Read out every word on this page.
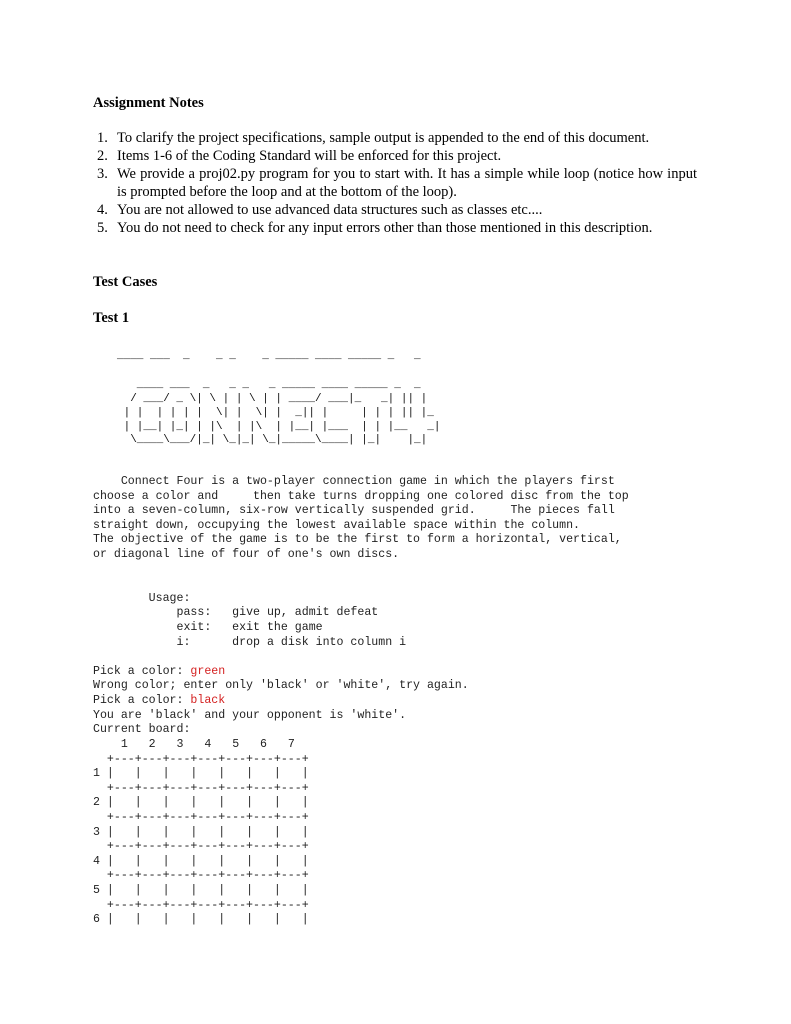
Assignment Notes
1. To clarify the project specifications, sample output is appended to the end of this document.
2. Items 1-6 of the Coding Standard will be enforced for this project.
3. We provide a proj02.py program for you to start with. It has a simple while loop (notice how input is prompted before the loop and at the bottom of the loop).
4. You are not allowed to use advanced data structures such as classes etc....
5. You do not need to check for any input errors other than those mentioned in this description.
Test Cases
Test 1
____ ___  _    _ _    _ _____ ____ _____ _   _
____ ___  _   _ _   _ _____ ____ _____ _  _
/ ___/ _ \| \ | | \ | | ____/ ___|_   _| || |
| |  | | | |  \| |  \| |  _|| |     | | | || |_
| |__| |_| | |\  | |\  | |__| |___  | | |__   _|
\____\___/|_| \_|_| \_|_____\____| |_|    |_|
Connect Four is a two-player connection game in which the players first
choose a color and     then take turns dropping one colored disc from the top
into a seven-column, six-row vertically suspended grid.     The pieces fall
straight down, occupying the lowest available space within the column.
The objective of the game is to be the first to form a horizontal, vertical,
or diagonal line of four of one's own discs.
Usage:
pass:   give up, admit defeat
exit:   exit the game
i:      drop a disk into column i
Pick a color: green
Wrong color; enter only 'black' or 'white', try again.
Pick a color: black
You are 'black' and your opponent is 'white'.
Current board:
1   2   3   4   5   6   7
+---+---+---+---+---+---+---+
1 |   |   |   |   |   |   |   |
+---+---+---+---+---+---+---+
2 |   |   |   |   |   |   |   |
+---+---+---+---+---+---+---+
3 |   |   |   |   |   |   |   |
+---+---+---+---+---+---+---+
4 |   |   |   |   |   |   |   |
+---+---+---+---+---+---+---+
5 |   |   |   |   |   |   |   |
+---+---+---+---+---+---+---+
6 |   |   |   |   |   |   |   |
